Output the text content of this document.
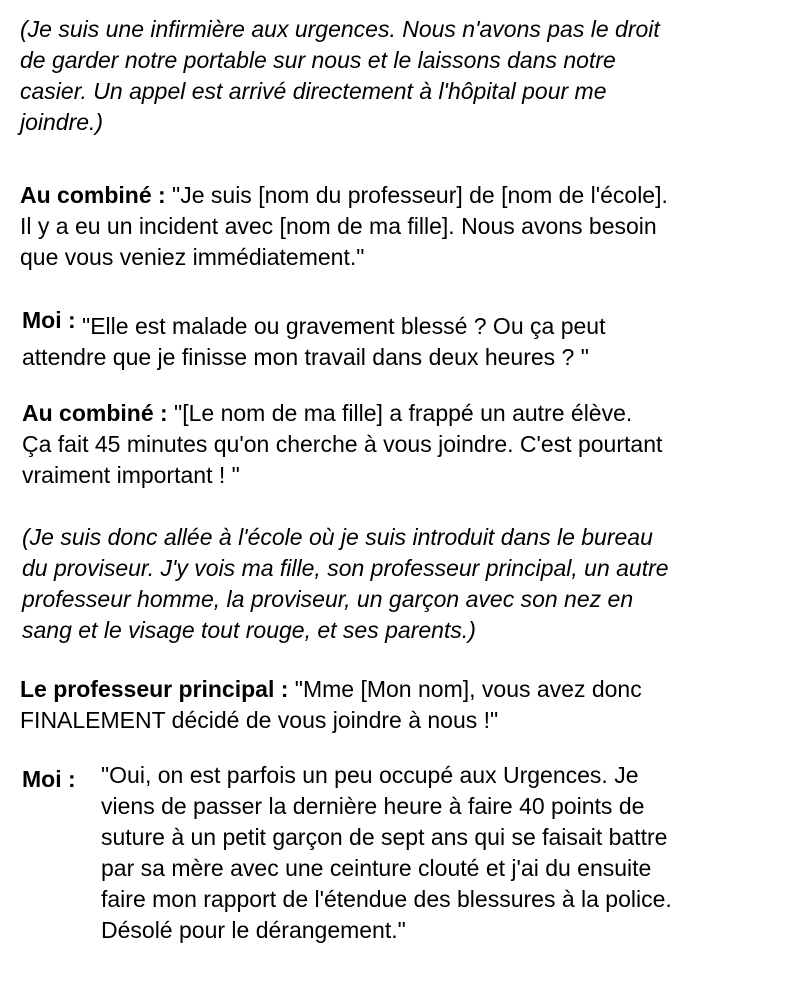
(Je suis une infirmière aux urgences. Nous n'avons pas le droit
de garder notre portable sur nous et le laissons dans notre
casier. Un appel est arrivé directement à l'hôpital pour me
joindre.)
Au combiné : "Je suis [nom du professeur] de [nom de l'école].
Il y a eu un incident avec [nom de ma fille]. Nous avons besoin
que vous veniez immédiatement."
Moi : "Elle est malade ou gravement blessé ? Ou ça peut
attendre que je finisse mon travail dans deux heures ? "
Au combiné : "[Le nom de ma fille] a frappé un autre élève.
Ça fait 45 minutes qu'on cherche à vous joindre. C'est pourtant
vraiment important ! "
(Je suis donc allée à l'école où je suis introduit dans le bureau
du proviseur. J'y vois ma fille, son professeur principal, un autre
professeur homme, la proviseur, un garçon avec son nez en
sang et le visage tout rouge, et ses parents.)
Le professeur principal : "Mme [Mon nom], vous avez donc
FINALEMENT décidé de vous joindre à nous !"
Moi : "Oui, on est parfois un peu occupé aux Urgences. Je
viens de passer la dernière heure à faire 40 points de
suture à un petit garçon de sept ans qui se faisait battre
par sa mère avec une ceinture clouté et j'ai du ensuite
faire mon rapport de l'étendue des blessures à la police.
Désolé pour le dérangement."
